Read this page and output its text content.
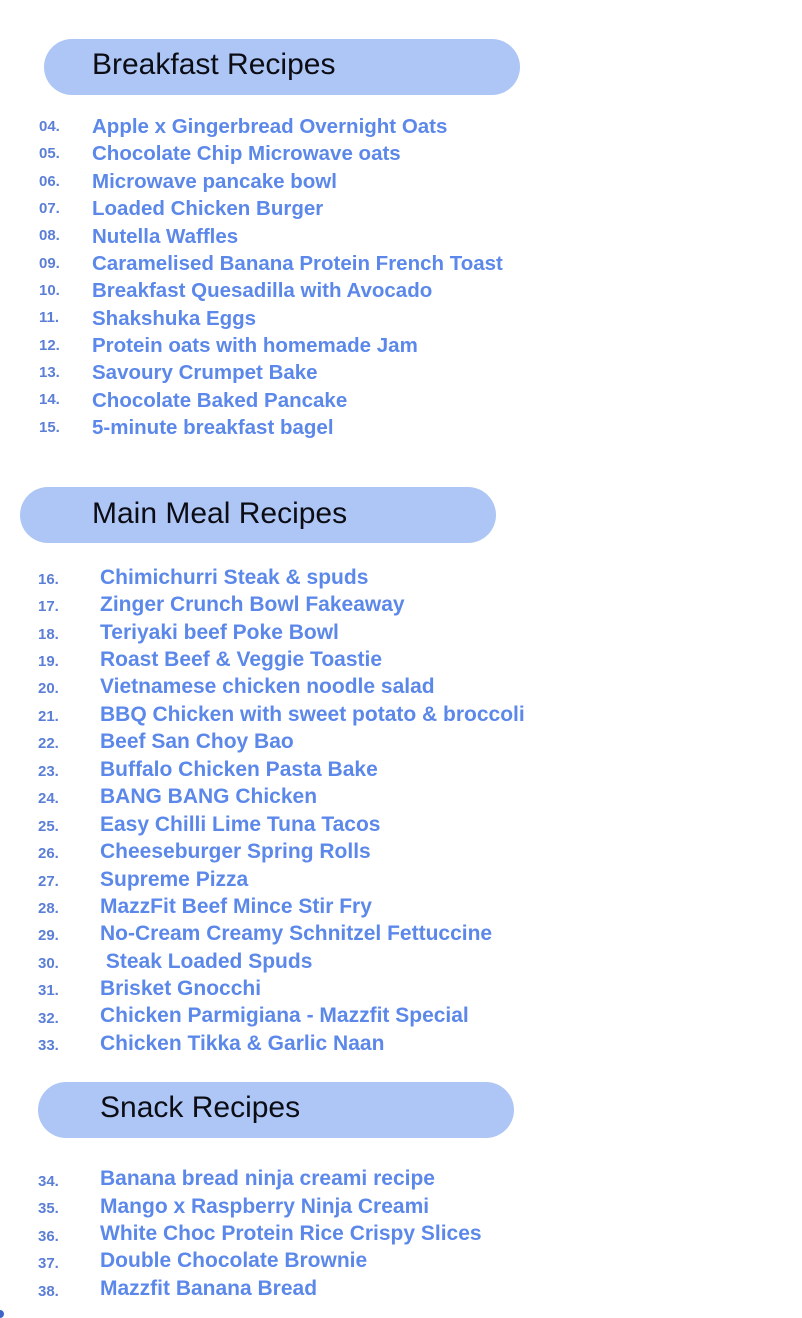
Breakfast Recipes
04. Apple x Gingerbread Overnight Oats
05. Chocolate Chip Microwave oats
06. Microwave pancake bowl
07. Loaded Chicken Burger
08. Nutella Waffles
09. Caramelised Banana Protein French Toast
10. Breakfast Quesadilla with Avocado
11. Shakshuka Eggs
12. Protein oats with homemade Jam
13. Savoury Crumpet Bake
14. Chocolate Baked Pancake
15. 5-minute breakfast bagel
Main Meal Recipes
16. Chimichurri Steak & spuds
17. Zinger Crunch Bowl Fakeaway
18. Teriyaki beef Poke Bowl
19. Roast Beef & Veggie Toastie
20. Vietnamese chicken noodle salad
21. BBQ Chicken with sweet potato & broccoli
22. Beef San Choy Bao
23. Buffalo Chicken Pasta Bake
24. BANG BANG Chicken
25. Easy Chilli Lime Tuna Tacos
26. Cheeseburger Spring Rolls
27. Supreme Pizza
28. MazzFit Beef Mince Stir Fry
29. No-Cream Creamy Schnitzel Fettuccine
30. Steak Loaded Spuds
31. Brisket Gnocchi
32. Chicken Parmigiana - Mazzfit Special
33. Chicken Tikka & Garlic Naan
Snack Recipes
34. Banana bread ninja creami recipe
35. Mango x Raspberry Ninja Creami
36. White Choc Protein Rice Crispy Slices
37. Double Chocolate Brownie
38. Mazzfit Banana Bread
